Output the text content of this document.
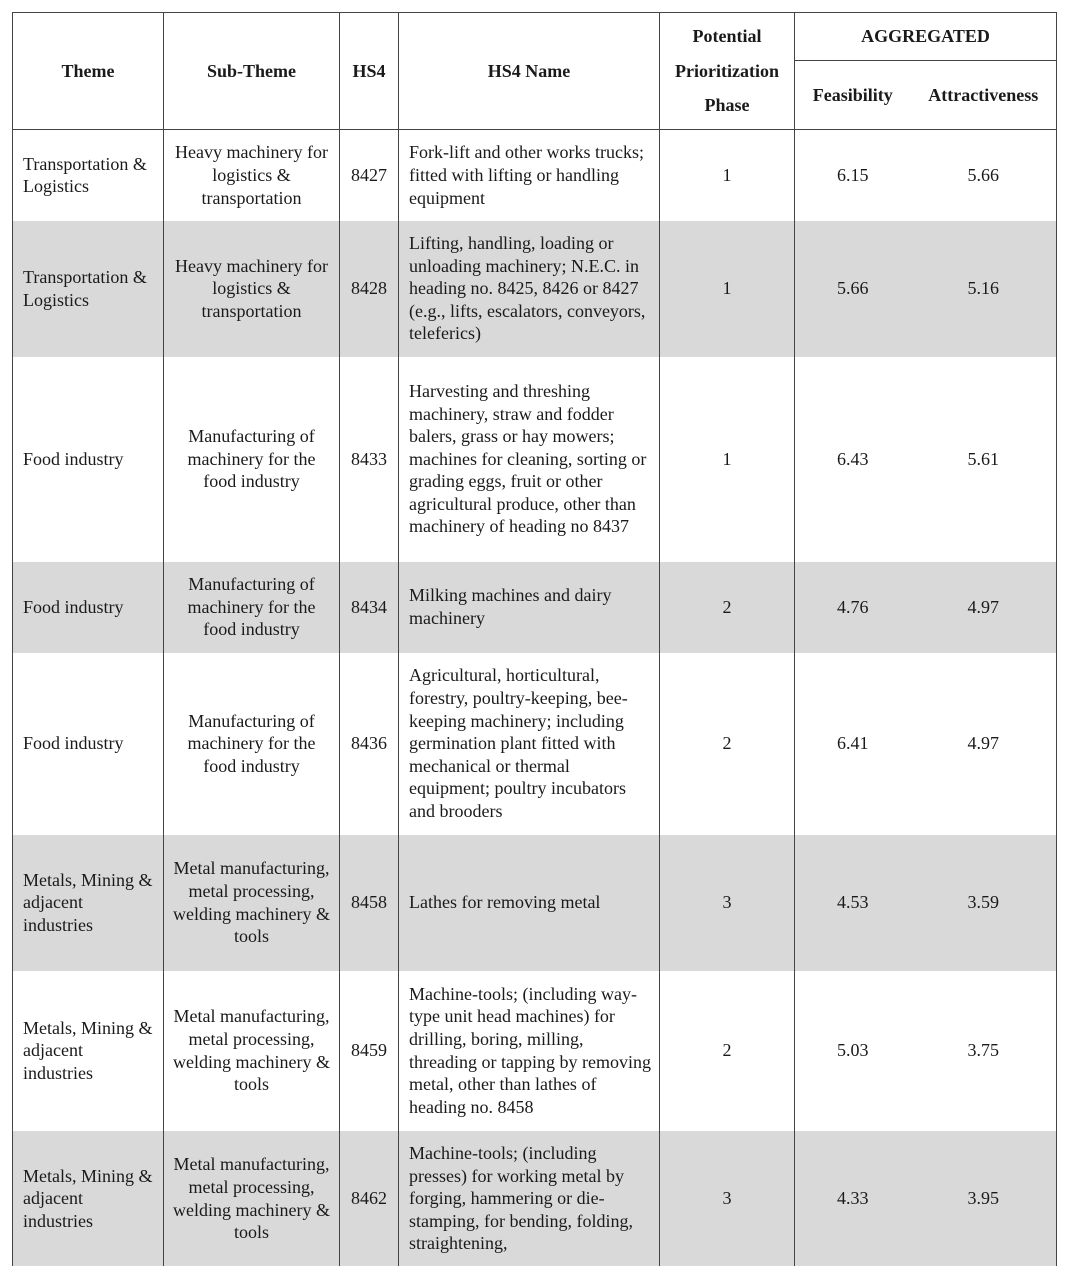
Theme	Sub-Theme	HS4	HS4 Name	Potential Prioritization Phase	AGGREGATED	
					Feasibility	Attractiveness
Transportation & Logistics	Heavy machinery for logistics & transportation	8427	Fork-lift and other works trucks; fitted with lifting or handling equipment	1	6.15	5.66
Transportation & Logistics	Heavy machinery for logistics & transportation	8428	Lifting, handling, loading or unloading machinery; N.E.C. in heading no. 8425, 8426 or 8427 (e.g., lifts, escalators, conveyors, teleferics)	1	5.66	5.16
Food industry	Manufacturing of machinery for the food industry	8433	Harvesting and threshing machinery, straw and fodder balers, grass or hay mowers; machines for cleaning, sorting or grading eggs, fruit or other agricultural produce, other than machinery of heading no 8437	1	6.43	5.61
Food industry	Manufacturing of machinery for the food industry	8434	Milking machines and dairy machinery	2	4.76	4.97
Food industry	Manufacturing of machinery for the food industry	8436	Agricultural, horticultural, forestry, poultry-keeping, bee-keeping machinery; including germination plant fitted with mechanical or thermal equipment; poultry incubators and brooders	2	6.41	4.97
Metals, Mining & adjacent industries	Metal manufacturing, metal processing, welding machinery & tools	8458	Lathes for removing metal	3	4.53	3.59
Metals, Mining & adjacent industries	Metal manufacturing, metal processing, welding machinery & tools	8459	Machine-tools; (including way-type unit head machines) for drilling, boring, milling, threading or tapping by removing metal, other than lathes of heading no. 8458	2	5.03	3.75
Metals, Mining & adjacent industries	Metal manufacturing, metal processing, welding machinery & tools	8462	Machine-tools; (including presses) for working metal by forging, hammering or die-stamping, for bending, folding, straightening,	3	4.33	3.95
